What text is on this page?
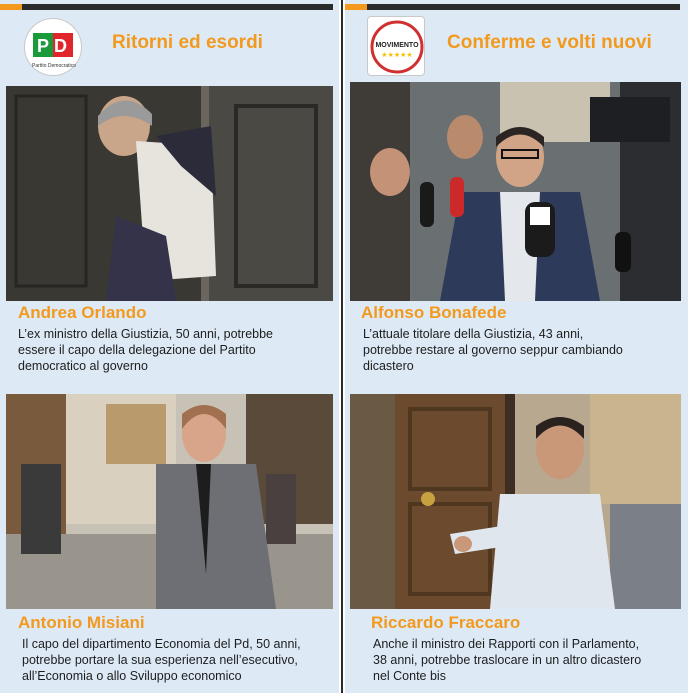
P D
Partito Democratico
Ritorni ed esordi
Andrea Orlando
L’ex ministro della Giustizia, 50 anni, potrebbe
essere il capo della delegazione del Partito
democratico al governo
Antonio Misiani
Il capo del dipartimento Economia del Pd, 50 anni,
potrebbe portare la sua esperienza nell’esecutivo,
all’Economia o allo Sviluppo economico
MOVIMENTO
★★★★★
Conferme e volti nuovi
Alfonso Bonafede
L’attuale titolare della Giustizia, 43 anni,
potrebbe restare al governo seppur cambiando
dicastero
Riccardo Fraccaro
Anche il ministro dei Rapporti con il Parlamento,
38 anni, potrebbe traslocare in un altro dicastero
nel Conte bis
